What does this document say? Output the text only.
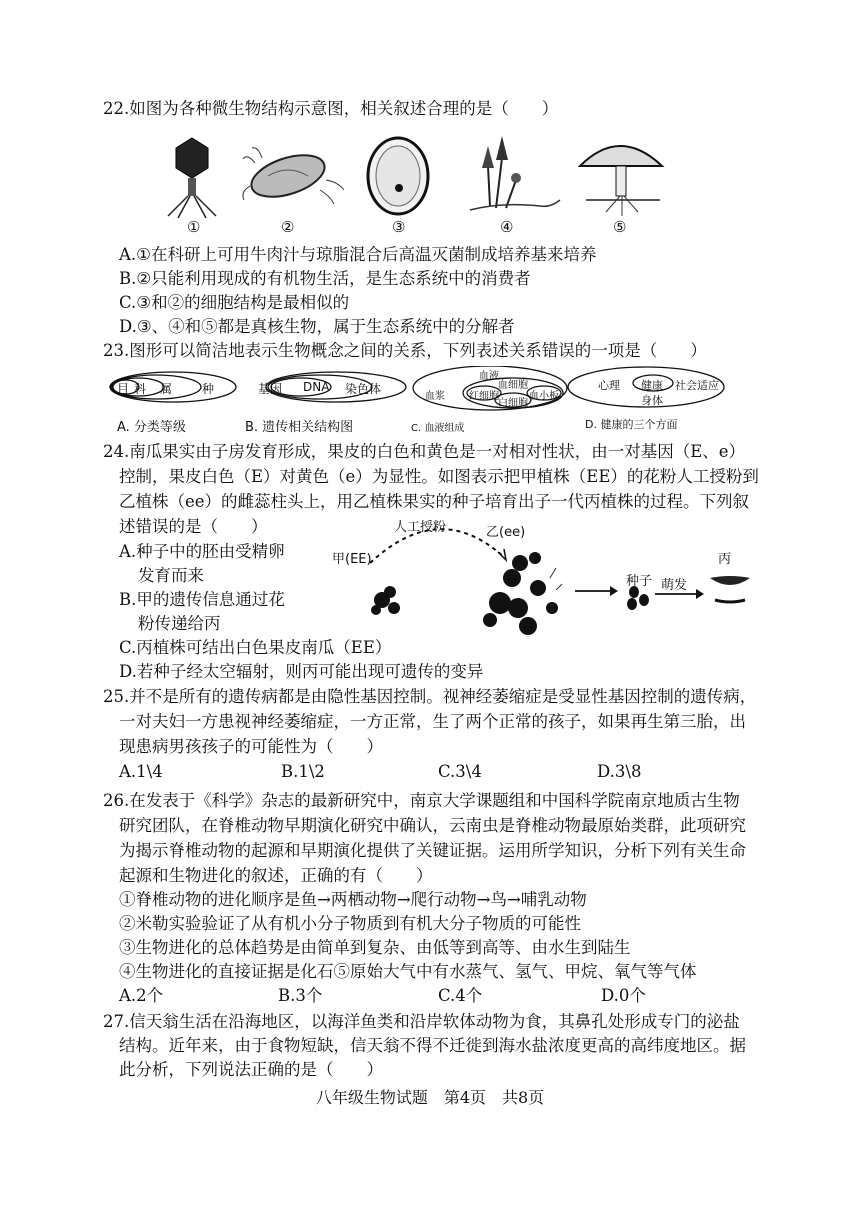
22.如图为各种微生物结构示意图，相关叙述合理的是（　　）
①	②	③	④	⑤
A.①在科研上可用牛肉汁与琼脂混合后高温灭菌制成培养基来培养
B.②只能利用现成的有机物生活，是生态系统中的消费者
C.③和②的细胞结构是最相似的
D.③、④和⑤都是真核生物，属于生态系统中的分解者
23.图形可以简洁地表示生物概念之间的关系，下列表述关系错误的一项是（　　）
目 科 属 种	基因 DNA 染色体
血液
血浆
血细胞
红细胞
白细胞
血小板
心理 健康 社会适应
身体
A. 分类等级	B. 遗传相关结构图	C. 血液组成	D. 健康的三个方面
24.南瓜果实由子房发育形成，果皮的白色和黄色是一对相对性状，由一对基因（E、e）
控制，果皮白色（E）对黄色（e）为显性。如图表示把甲植株（EE）的花粉人工授粉到
乙植株（ee）的雌蕊柱头上，用乙植株果实的种子培育出子一代丙植株的过程。下列叙
述错误的是（　　）
A.种子中的胚由受精卵
发育而来
B.甲的遗传信息通过花
粉传递给丙
C.丙植株可结出白色果皮南瓜（EE）
D.若种子经太空辐射，则丙可能出现可遗传的变异
甲(EE)
人工授粉	乙(ee)
种子 萌发
丙
25.并不是所有的遗传病都是由隐性基因控制。视神经萎缩症是受显性基因控制的遗传病，
一对夫妇一方患视神经萎缩症，一方正常，生了两个正常的孩子，如果再生第三胎，出
现患病男孩孩子的可能性为（　　）
A.1\4	B.1\2	C.3\4	D.3\8
26.在发表于《科学》杂志的最新研究中，南京大学课题组和中国科学院南京地质古生物
研究团队，在脊椎动物早期演化研究中确认，云南虫是脊椎动物最原始类群，此项研究
为揭示脊椎动物的起源和早期演化提供了关键证据。运用所学知识，分析下列有关生命
起源和生物进化的叙述，正确的有（　　）
①脊椎动物的进化顺序是鱼→两栖动物→爬行动物→鸟→哺乳动物
②米勒实验验证了从有机小分子物质到有机大分子物质的可能性
③生物进化的总体趋势是由简单到复杂、由低等到高等、由水生到陆生
④生物进化的直接证据是化石⑤原始大气中有水蒸气、氢气、甲烷、氧气等气体
A.2个	B.3个	C.4个	D.0个
27.信天翁生活在沿海地区，以海洋鱼类和沿岸软体动物为食，其鼻孔处形成专门的泌盐
结构。近年来，由于食物短缺，信天翁不得不迁徙到海水盐浓度更高的高纬度地区。据
此分析，下列说法正确的是（　　）
八年级生物试题　第4页　共8页
